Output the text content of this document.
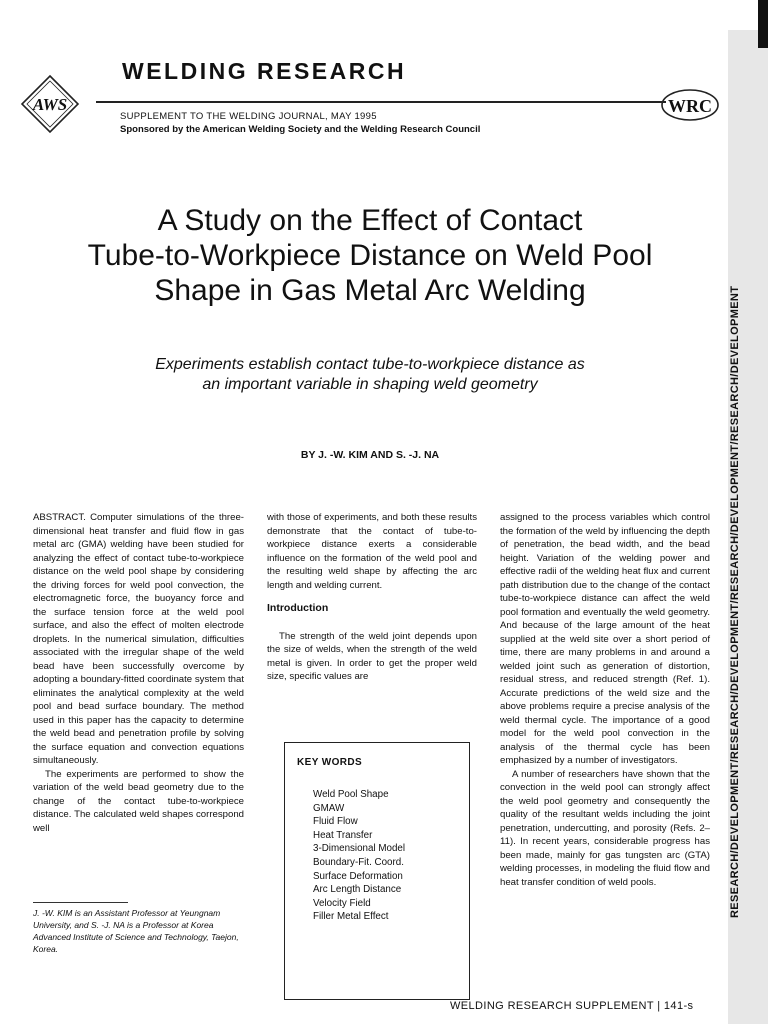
RESEARCH/DEVELOPMENT/RESEARCH/DEVELOPMENT/RESEARCH/DEVELOPMENT/RESEARCH/DEVELOPMENT
AWS	WRC
WELDING RESEARCH
SUPPLEMENT TO THE WELDING JOURNAL, MAY 1995
Sponsored by the American Welding Society and the Welding Research Council
A Study on the Effect of Contact
Tube-to-Workpiece Distance on Weld Pool
Shape in Gas Metal Arc Welding
Experiments establish contact tube-to-workpiece distance as
an important variable in shaping weld geometry
BY J. -W. KIM AND S. -J. NA

ABSTRACT. Computer simulations of the three-dimensional heat transfer and fluid flow in gas metal arc (GMA) welding have been studied for analyzing the effect of contact tube-to-workpiece distance on the weld pool shape by considering the driving forces for weld pool convection, the electromagnetic force, the buoyancy force and the surface tension force at the weld pool surface, and also the effect of molten electrode droplets. In the numerical simulation, difficulties associated with the irregular shape of the weld bead have been successfully overcome by adopting a boundary-fitted coordinate system that eliminates the analytical complexity at the weld pool and bead surface boundary. The method used in this paper has the capacity to determine the weld bead and penetration profile by solving the surface equation and convection equations simultaneously.

The experiments are performed to show the variation of the weld bead geometry due to the change of the contact tube-to-workpiece distance. The calculated weld shapes correspond well

J. -W. KIM is an Assistant Professor at Yeungnam University, and S. -J. NA is a Professor at Korea Advanced Institute of Science and Technology, Taejon, Korea.

with those of experiments, and both these results demonstrate that the contact of tube-to-workpiece distance exerts a considerable influence on the formation of the weld pool and the resulting weld shape by affecting the arc length and welding current.

Introduction

The strength of the weld joint depends upon the size of welds, when the strength of the weld metal is given. In order to get the proper weld size, specific values are

KEY WORDS
Weld Pool Shape
GMAW
Fluid Flow
Heat Transfer
3-Dimensional Model
Boundary-Fit. Coord.
Surface Deformation
Arc Length Distance
Velocity Field
Filler Metal Effect

assigned to the process variables which control the formation of the weld by influencing the depth of penetration, the bead width, and the bead height. Variation of the welding power and effective radii of the welding heat flux and current path distribution due to the change of the contact tube-to-workpiece distance can affect the weld pool formation and eventually the weld geometry. And because of the large amount of the heat supplied at the weld site over a short period of time, there are many problems in and around a welded joint such as generation of distortion, residual stress, and reduced strength (Ref. 1). Accurate predictions of the weld size and the above problems require a precise analysis of the weld thermal cycle. The importance of a good model for the weld pool convection in the analysis of the thermal cycle has been emphasized by a number of investigators.

A number of researchers have shown that the convection in the weld pool can strongly affect the weld pool geometry and consequently the quality of the resultant welds including the joint penetration, undercutting, and porosity (Refs. 2–11). In recent years, considerable progress has been made, mainly for gas tungsten arc (GTA) welding processes, in modeling the fluid flow and heat transfer condition of weld pools.

WELDING RESEARCH SUPPLEMENT | 141-s
